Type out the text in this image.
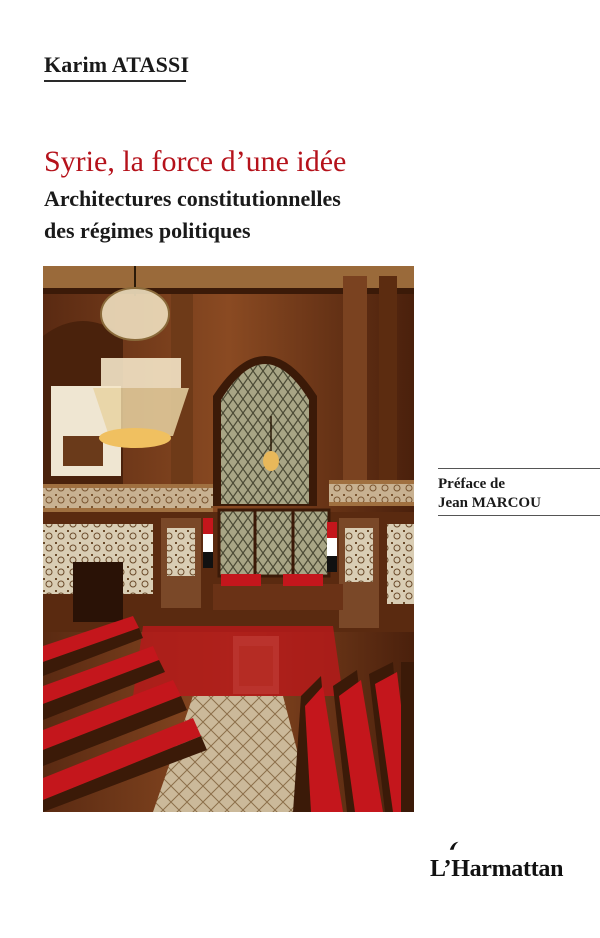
Karim ATASSI
Syrie, la force d’une idée
Architectures constitutionnelles
des régimes politiques
Préface de
Jean MARCOU
L’Harmattan
